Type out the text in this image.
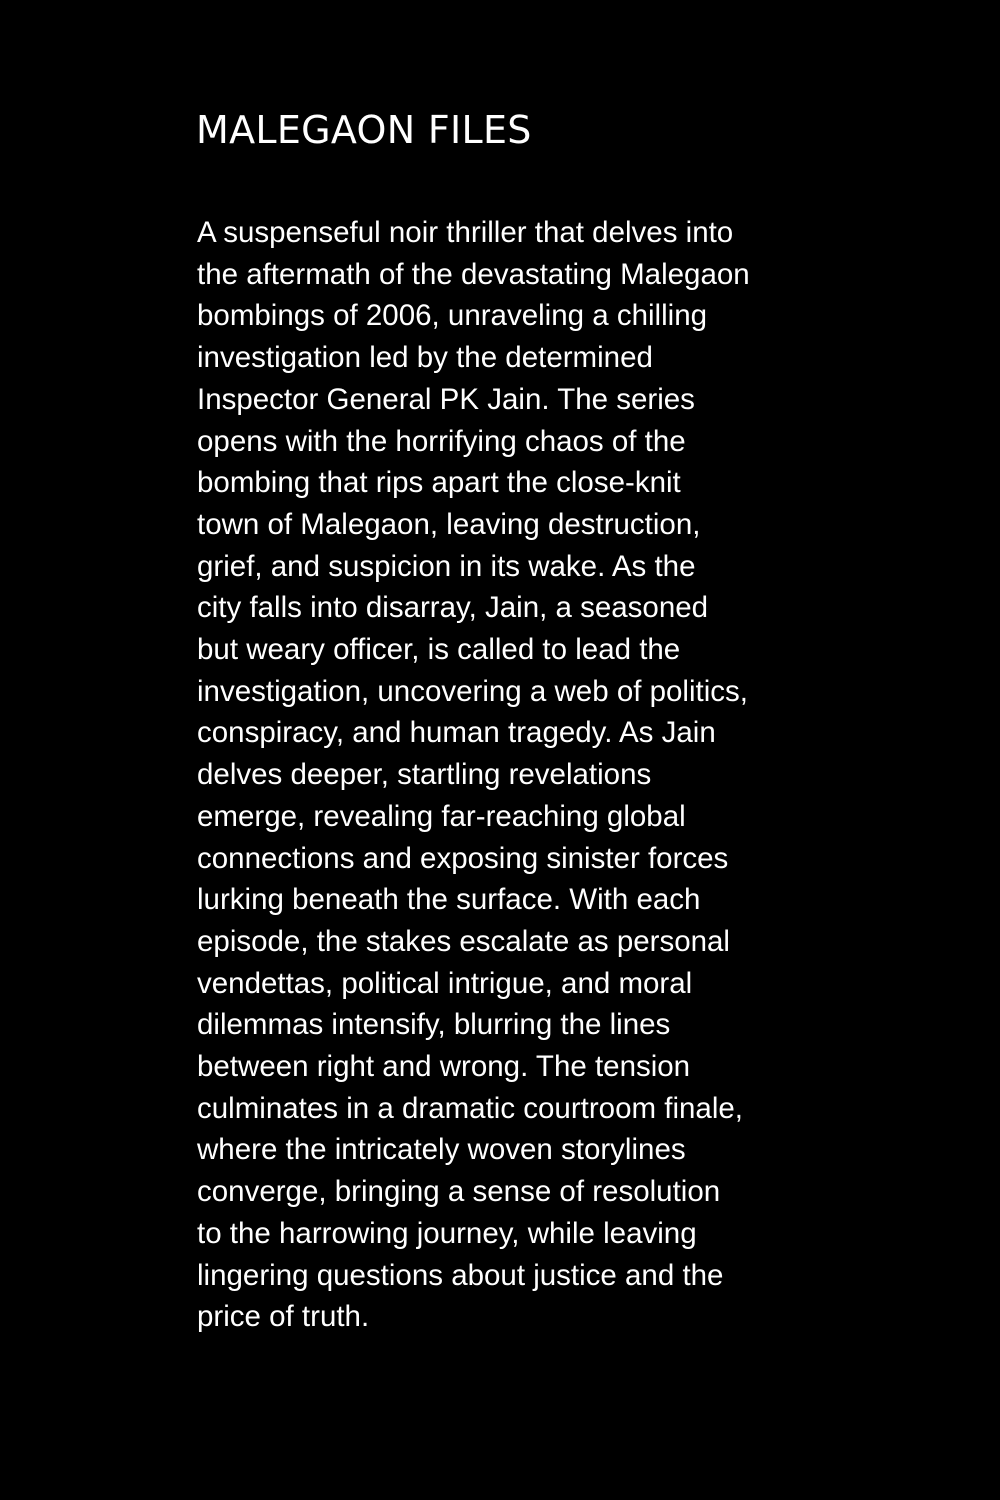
MALEGAON FILES

A suspenseful noir thriller that delves into
the aftermath of the devastating Malegaon
bombings of 2006, unraveling a chilling
investigation led by the determined
Inspector General PK Jain. The series
opens with the horrifying chaos of the
bombing that rips apart the close-knit
town of Malegaon, leaving destruction,
grief, and suspicion in its wake. As the
city falls into disarray, Jain, a seasoned
but weary officer, is called to lead the
investigation, uncovering a web of politics,
conspiracy, and human tragedy. As Jain
delves deeper, startling revelations
emerge, revealing far-reaching global
connections and exposing sinister forces
lurking beneath the surface. With each
episode, the stakes escalate as personal
vendettas, political intrigue, and moral
dilemmas intensify, blurring the lines
between right and wrong. The tension
culminates in a dramatic courtroom finale,
where the intricately woven storylines
converge, bringing a sense of resolution
to the harrowing journey, while leaving
lingering questions about justice and the
price of truth.
